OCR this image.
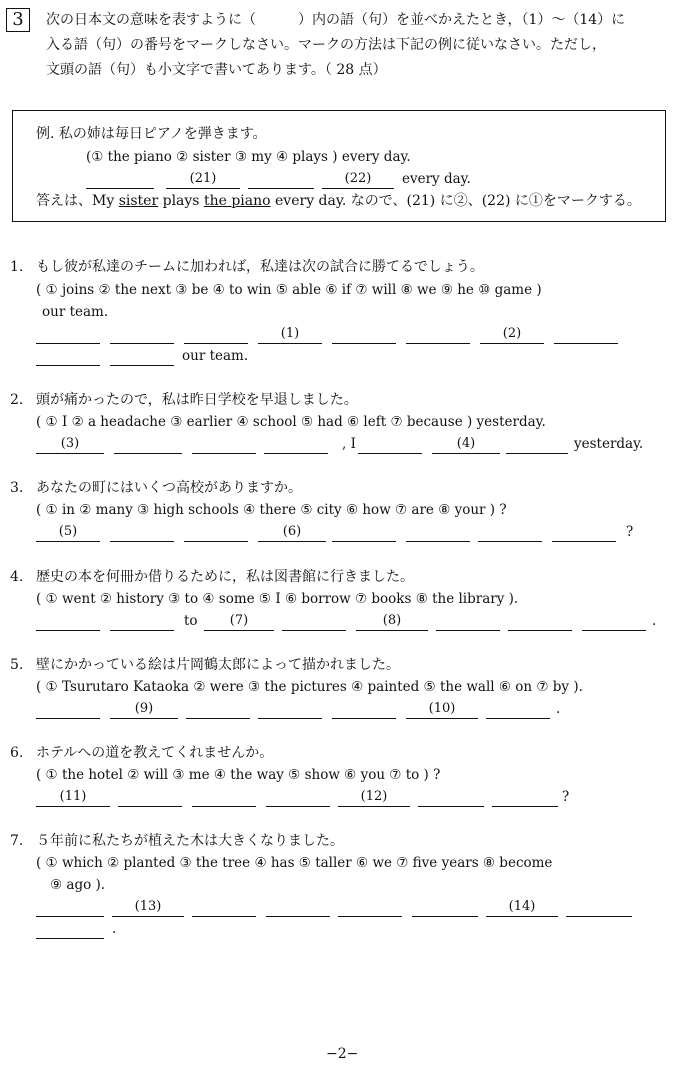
3	次の日本文の意味を表すように（　　　）内の語（句）を並べかえたとき，（1）～（14）に
入る語（句）の番号をマークしなさい。マークの方法は下記の例に従いなさい。ただし，
文頭の語（句）も小文字で書いてあります。（ 28 点）
例. 私の姉は毎日ピアノを弾きます。
(① the piano ② sister ③ my ④ plays ) every day.
(21)	(22)	every day.
答えは、My sister plays the piano every day. なので、(21) に②、(22) に①をマークする。
1. もし彼が私達のチームに加われば，私達は次の試合に勝てるでしょう。
( ① joins ② the next ③ be ④ to win ⑤ able ⑥ if ⑦ will ⑧ we ⑨ he ⑩ game )
our team.
(1)	(2)
our team.
2. 頭が痛かったので，私は昨日学校を早退しました。
( ① I ② a headache ③ earlier ④ school ⑤ had ⑥ left ⑦ because ) yesterday.
(3)	, I	(4)	yesterday.
3. あなたの町にはいくつ高校がありますか。
( ① in ② many ③ high schools ④ there ⑤ city ⑥ how ⑦ are ⑧ your ) ?
(5)	(6)	?
4. 歴史の本を何冊か借りるために，私は図書館に行きました。
( ① went ② history ③ to ④ some ⑤ I ⑥ borrow ⑦ books ⑧ the library ).
to	(7)	(8)	.
5. 壁にかかっている絵は片岡鶴太郎によって描かれました。
( ① Tsurutaro Kataoka ② were ③ the pictures ④ painted ⑤ the wall ⑥ on ⑦ by ).
(9)	(10)	.
6. ホテルへの道を教えてくれませんか。
( ① the hotel ② will ③ me ④ the way ⑤ show ⑥ you ⑦ to ) ?
(11)	(12)	?
7. ５年前に私たちが植えた木は大きくなりました。
( ① which ② planted ③ the tree ④ has ⑤ taller ⑥ we ⑦ five years ⑧ become
⑨ ago ).
(13)	(14)
.
−2−
